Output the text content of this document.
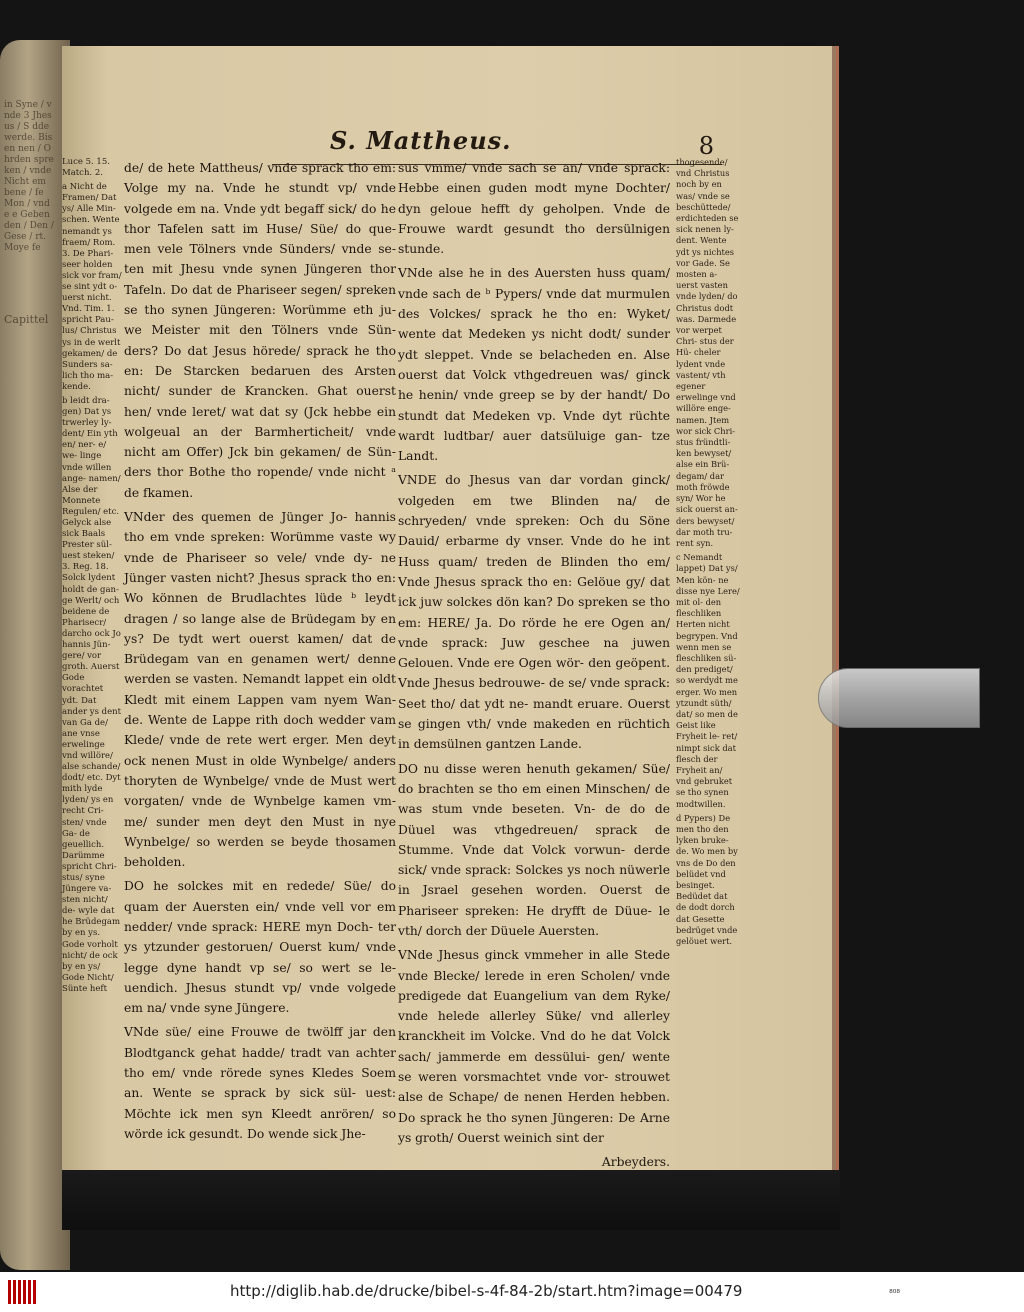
in Syne / vnde 3 Jhesus / S dde werde. Bisen nen / Ohrden spreken / vnde Nicht em bene / fe Mon / vnde e Gebenden / Den / Gese / rt. Moye fe
Capittel
S. Mattheus.	8

Luce 5. 15. Match. 2.

a Nicht de Framen/ Dat ys/ Alle Min- schen. Wente nemandt ys fraem/ Rom. 3. De Phari- seer holden sick vor fram/ se sint ydt o- uerst nicht. Vnd. Tim. 1. spricht Pau- lus/ Christus ys in de werlt gekamen/ de Sunders sa- lich tho ma- kende.

b leidt dra- gen) Dat ys trwerley ly- dent/ Ein yth en/ ner- e/ we- linge vnde willen ange- namen/ Alse der Monnete Regulen/ etc. Gelyck alse sick Baals Prester sül- uest steken/ 3. Reg. 18. Solck lydent holdt de gan- ge Werlt/ och beidene de Pharisecr/ darcho ock Jo hannis Jün- gere/ vor groth. Auerst Gode vorachtet ydt. Dat ander ys dent van Ga de/ ane vnse erwelinge vnd willöre/ alse schande/ dodt/ etc. Dyt mith lyde lyden/ ys en recht Cri- sten/ vnde Ga- de geuellich. Darümme spricht Chri- stus/ syne Jüngere va- sten nicht/ de- wyle dat he Brüdegam by en ys. Gode vorholt nicht/ de ock by en ys/ Gode Nicht/ Sünte heft

de/ de hete Mattheus/ vnde sprack tho em: Volge my na. Vnde he stundt vp/ vnde volgede em na. Vnde ydt begaff sick/ do he thor Tafelen satt im Huse/ Süe/ do que- men vele Tölners vnde Sünders/ vnde se- ten mit Jhesu vnde synen Jüngeren thor Tafeln. Do dat de Phariseer segen/ spreken se tho synen Jüngeren: Worümme eth ju- we Meister mit den Tölners vnde Sün- ders? Do dat Jesus hörede/ sprack he tho en: De Starcken bedaruen des Arsten nicht/ sunder de Krancken. Ghat ouerst hen/ vnde leret/ wat dat sy (Jck hebbe ein wolgeual an der Barmherticheit/ vnde nicht am Offer) Jck bin gekamen/ de Sün- ders thor Bothe tho ropende/ vnde nicht ᵃ de fkamen.

VNder des quemen de Jünger Jo- hannis tho em vnde spreken: Worümme vaste wy vnde de Phariseer so vele/ vnde dy- ne Jünger vasten nicht? Jhesus sprack tho en: Wo können de Brudlachtes lüde ᵇ leydt dragen / so lange alse de Brüdegam by en ys? De tydt wert ouerst kamen/ dat de Brüdegam van en genamen wert/ denne werden se vasten. Nemandt lappet ein oldt Kledt mit einem Lappen vam nyem Wan- de. Wente de Lappe rith doch wedder vam Klede/ vnde de rete wert erger. Men deyt ock nenen Must in olde Wynbelge/ anders thoryten de Wynbelge/ vnde de Must wert vorgaten/ vnde de Wynbelge kamen vm- me/ sunder men deyt den Must in nye Wynbelge/ so werden se beyde thosamen beholden.

DO he solckes mit en redede/ Süe/ do quam der Auersten ein/ vnde vell vor em nedder/ vnde sprack: HERE myn Doch- ter ys ytzunder gestoruen/ Ouerst kum/ vnde legge dyne handt vp se/ so wert se le- uendich. Jhesus stundt vp/ vnde volgede em na/ vnde syne Jüngere.

VNde süe/ eine Frouwe de twölff jar den Blodtganck gehat hadde/ tradt van achter tho em/ vnde rörede synes Kledes Soem an. Wente se sprack by sick sül- uest: Möchte ick men syn Kleedt anrören/ so wörde ick gesundt. Do wende sick Jhe-

sus vmme/ vnde sach se an/ vnde sprack: Hebbe einen guden modt myne Dochter/ dyn geloue hefft dy geholpen. Vnde de Frouwe wardt gesundt tho dersülnigen stunde.

VNde alse he in des Auersten huss quam/ vnde sach de ᵇ Pypers/ vnde dat murmulen des Volckes/ sprack he tho en: Wyket/ wente dat Medeken ys nicht dodt/ sunder ydt sleppet. Vnde se belacheden en. Alse ouerst dat Volck vthgedreuen was/ ginck he henin/ vnde greep se by der handt/ Do stundt dat Medeken vp. Vnde dyt rüchte wardt ludtbar/ auer datsüluige gan- tze Landt.

VNDE do Jhesus van dar vordan ginck/ volgeden em twe Blinden na/ de schryeden/ vnde spreken: Och du Söne Dauid/ erbarme dy vnser. Vnde do he int Huss quam/ treden de Blinden tho em/ Vnde Jhesus sprack tho en: Gelöue gy/ dat ick juw solckes dön kan? Do spreken se tho em: HERE/ Ja. Do rörde he ere Ogen an/ vnde sprack: Juw geschee na juwen Gelouen. Vnde ere Ogen wör- den geöpent. Vnde Jhesus bedrouwe- de se/ vnde sprack: Seet tho/ dat ydt ne- mandt eruare. Ouerst se gingen vth/ vnde makeden en rüchtich in demsülnen gantzen Lande.

DO nu disse weren henuth gekamen/ Süe/ do brachten se tho em einen Minschen/ de was stum vnde beseten. Vn- de do de Düuel was vthgedreuen/ sprack de Stumme. Vnde dat Volck vorwun- derde sick/ vnde sprack: Solckes ys noch nüwerle in Jsrael gesehen worden. Ouerst de Phariseer spreken: He dryfft de Düue- le vth/ dorch der Düuele Auersten.

VNde Jhesus ginck vmmeher in alle Stede vnde Blecke/ lerede in eren Scholen/ vnde predigede dat Euangelium van dem Ryke/ vnde helede allerley Süke/ vnd allerley kranckheit im Volcke. Vnd do he dat Volck sach/ jammerde em dessülui- gen/ wente se weren vorsmachtet vnde vor- strouwet alse de Schape/ de nenen Herden hebben. Do sprack he tho synen Jüngeren: De Arne ys groth/ Ouerst weinich sint der

Arbeyders.

thogesende/ vnd Christus noch by en was/ vnde se beschüttede/ erdichteden se sick nenen ly- dent. Wente ydt ys nichtes vor Gade. Se mosten a- uerst vasten vnde lyden/ do Christus dodt was. Darmede vor werpet Chri- stus der Hü- cheler lydent vnde vastent/ vth egener erwelinge vnd willöre enge- namen. Jtem wor sick Chri- stus fründtli- ken bewyset/ alse ein Brü- degam/ dar moth fröwde syn/ Wor he sick ouerst an- ders bewyset/ dar moth tru- rent syn.

c Nemandt lappet) Dat ys/ Men kön- ne disse nye Lere/ mit ol- den fleschliken Herten nicht begrypen. Vnd wenn men se fleschliken sü- den prediget/ so werdydt me erger. Wo men ytzundt süth/ dat/ so men de Geist like Fryheit le- ret/ nimpt sick dat flesch der Fryheit an/ vnd gebruket se tho synen modtwillen.

d Pypers) De men tho den lyken bruke- de. Wo men by vns de Do den belüdet vnd besinget. Bedüdet dat de dodt dorch dat Gesette bedrüget vnde gelöuet wert.

http://diglib.hab.de/drucke/bibel-s-4f-84-2b/start.htm?image=00479	₈₀₈
